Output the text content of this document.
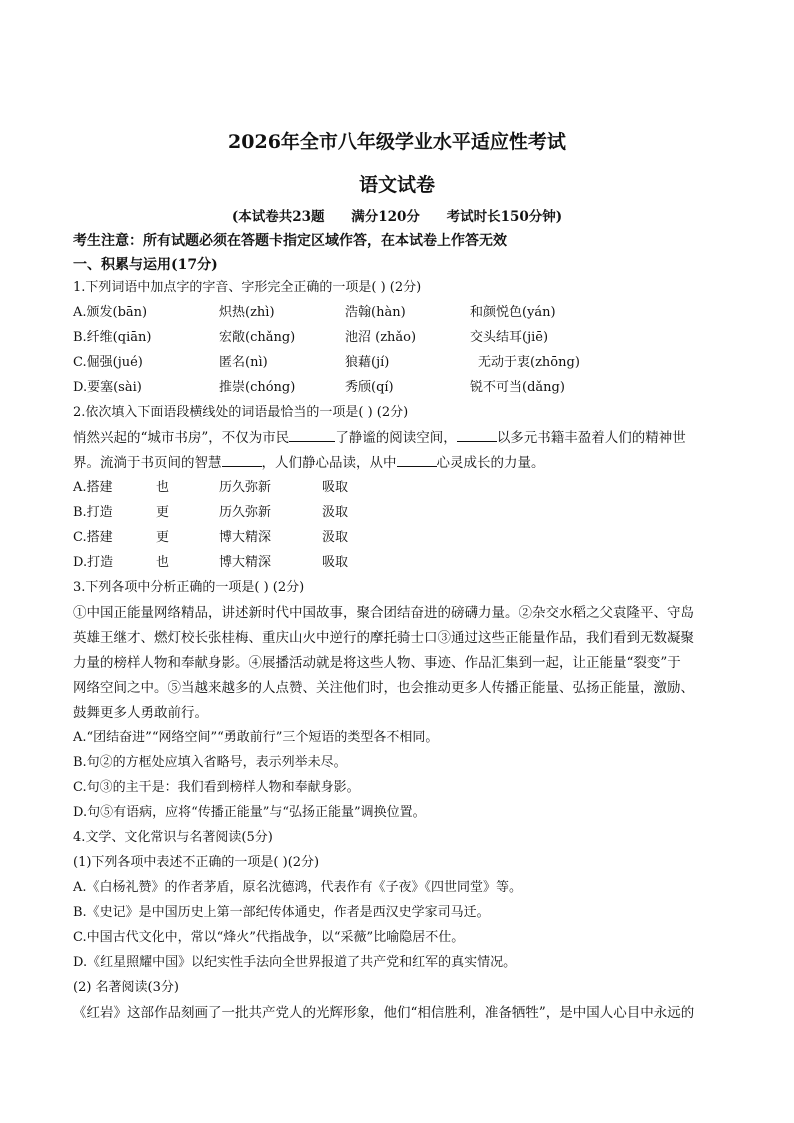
2026年全市八年级学业水平适应性考试
语文试卷
(本试卷共23题 满分120分 考试时长150分钟)
考生注意：所有试题必须在答题卡指定区域作答，在本试卷上作答无效
一、积累与运用(17分)
1.下列词语中加点字的字音、字形完全正确的一项是( ) (2分)
A.颁发(bān)	炽热(zhì)	浩翰(hàn)	和颜悦色(yán)
B.纤维(qiān)	宏敞(chǎng)	池沼 (zhǎo)	交头结耳(jiē)
C.倔强(jué)	匿名(nì)	狼藉(jí)	无动于衷(zhōng)
D.要塞(sài)	推崇(chóng)	秀颀(qí)	锐不可当(dǎng)
2.依次填入下面语段横线处的词语最恰当的一项是( ) (2分)
悄然兴起的“城市书房”，不仅为市民	了静谧的阅读空间，	以多元书籍丰盈着人们的精神世
界。流淌于书页间的智慧	，人们静心品读，从中	心灵成长的力量。
A.搭建	也	历久弥新	吸取
B.打造	更	历久弥新	汲取
C.搭建	更	博大精深	汲取
D.打造	也	博大精深	吸取
3.下列各项中分析正确的一项是( ) (2分)
①中国正能量网络精品，讲述新时代中国故事，聚合团结奋进的磅礴力量。②杂交水稻之父袁隆平、守岛
英雄王继才、燃灯校长张桂梅、重庆山火中逆行的摩托骑士口③通过这些正能量作品，我们看到无数凝聚
力量的榜样人物和奉献身影。④展播活动就是将这些人物、事迹、作品汇集到一起，让正能量“裂变”于
网络空间之中。⑤当越来越多的人点赞、关注他们时，也会推动更多人传播正能量、弘扬正能量，激励、
鼓舞更多人勇敢前行。
A.“团结奋进”“网络空间”“勇敢前行”三个短语的类型各不相同。
B.句②的方框处应填入省略号，表示列举未尽。
C.句③的主干是：我们看到榜样人物和奉献身影。
D.句⑤有语病，应将“传播正能量”与“弘扬正能量”调换位置。
4.文学、文化常识与名著阅读(5分)
(1)下列各项中表述不正确的一项是( )(2分)
A.《白杨礼赞》的作者茅盾，原名沈德鸿，代表作有《子夜》《四世同堂》等。
B.《史记》是中国历史上第一部纪传体通史，作者是西汉史学家司马迁。
C.中国古代文化中，常以“烽火”代指战争，以“采薇”比喻隐居不仕。
D.《红星照耀中国》以纪实性手法向全世界报道了共产党和红军的真实情况。
(2) 名著阅读(3分)
《红岩》这部作品刻画了一批共产党人的光辉形象，他们“相信胜利，准备牺牲”，是中国人心目中永远的
